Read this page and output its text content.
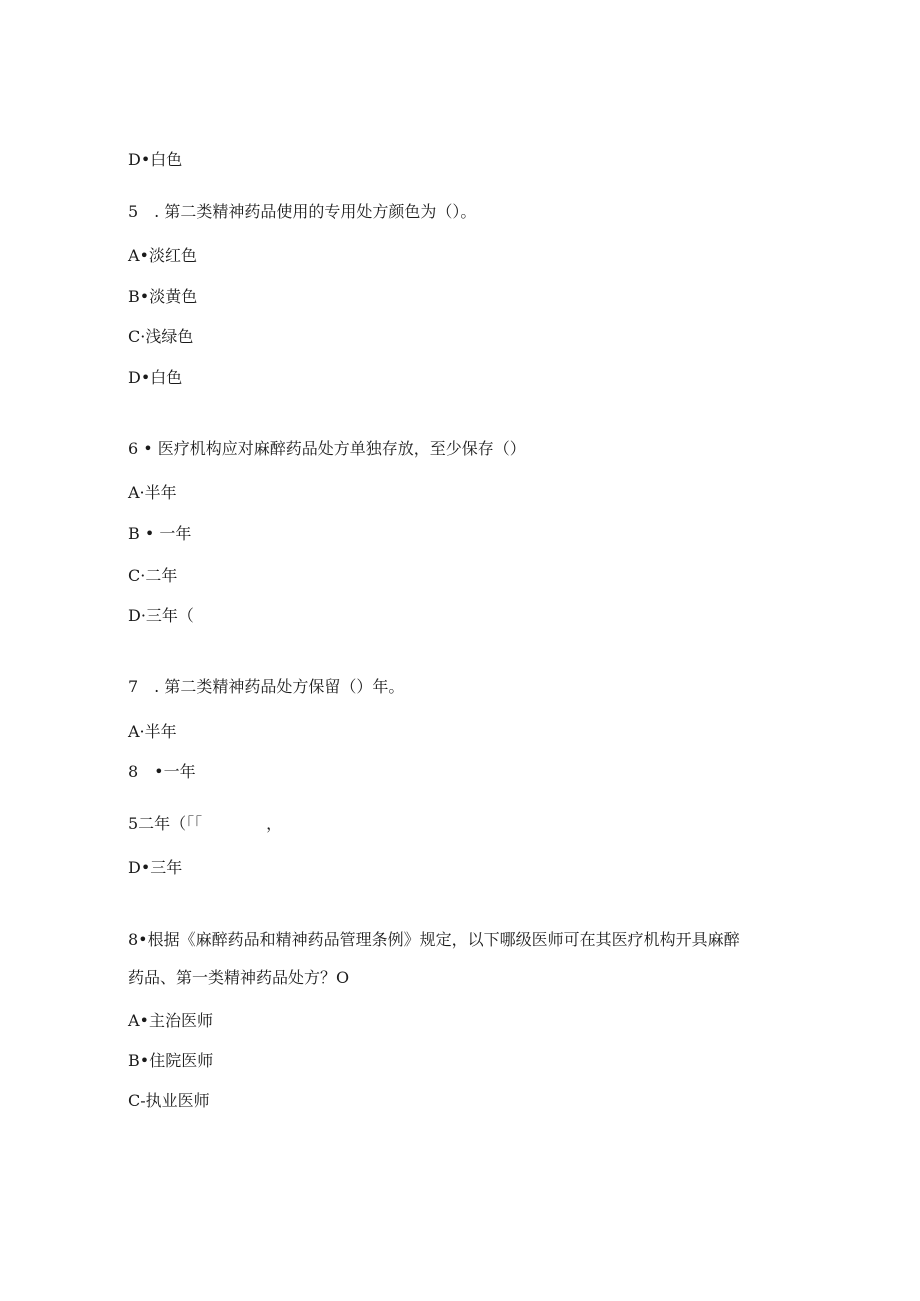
D•白色
5　. 第二类精神药品使用的专用处方颜色为（）。
A•淡红色
B•淡黄色
C·浅绿色
D•白色
6 • 医疗机构应对麻醉药品处方单独存放，至少保存（）
A·半年
B • 一年
C·二年
D·三年（
7　. 第二类精神药品处方保留（）年。
A·半年
8　•一年
5二年（「「　　　　，
D•三年
8•根据《麻醉药品和精神药品管理条例》规定，以下哪级医师可在其医疗机构开具麻醉
药品、第一类精神药品处方？O
A•主治医师
B•住院医师
C-执业医师
